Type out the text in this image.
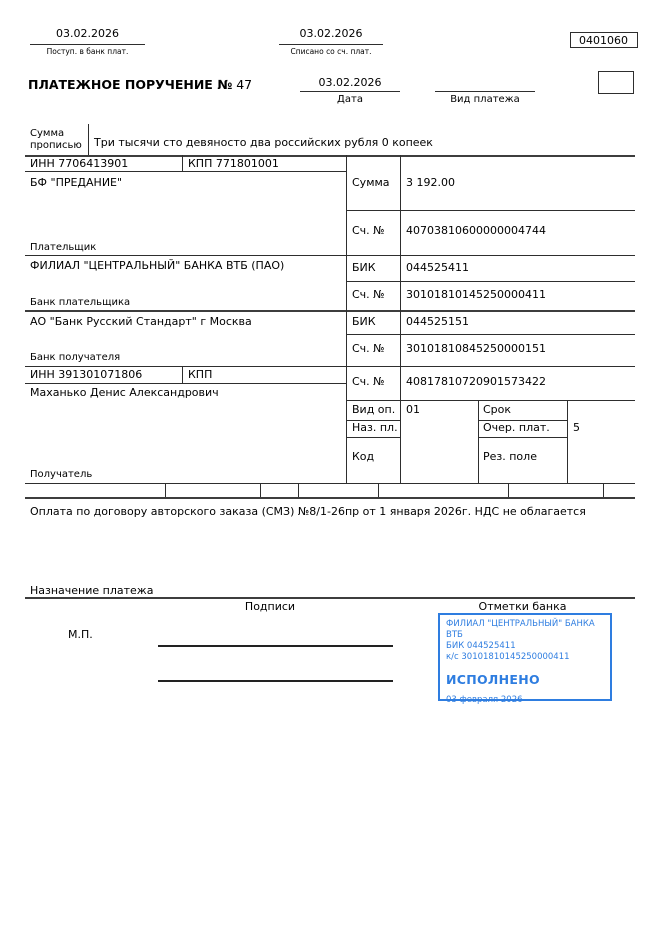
03.02.2026
Поступ. в банк плат.
03.02.2026
Списано со сч. плат.
0401060
ПЛАТЕЖНОЕ ПОРУЧЕНИЕ № 47	03.02.2026
Дата	Вид платежа
Сумма
прописью Три тысячи сто девяносто два российских рубля 0 копеек
ИНН 7706413901	КПП 771801001
БФ "ПРЕДАНИЕ"
Плательщик
ФИЛИАЛ "ЦЕНТРАЛЬНЫЙ" БАНКА ВТБ (ПАО)
Банк плательщика
АО "Банк Русский Стандарт" г Москва
Банк получателя
ИНН 391301071806	КПП
Маханько Денис Александрович
Получатель
Сумма 3 192.00
Сч. № 40703810600000004744
БИК	044525411
Сч. № 30101810145250000411
БИК	044525151
Сч. № 30101810845250000151
Сч. № 40817810720901573422
Вид оп. 01	Срок
Наз. пл.	Очер. плат. 5
Код	Рез. поле
Оплата по договору авторского заказа (СМЗ) №8/1-26пр от 1 января 2026г. НДС не облагается
Назначение платежа
Подписи	Отметки банка
М.П.
ФИЛИАЛ "ЦЕНТРАЛЬНЫЙ" БАНКА ВТБ
БИК 044525411
к/с 30101810145250000411
ИСПОЛНЕНО
03 февраля 2026
